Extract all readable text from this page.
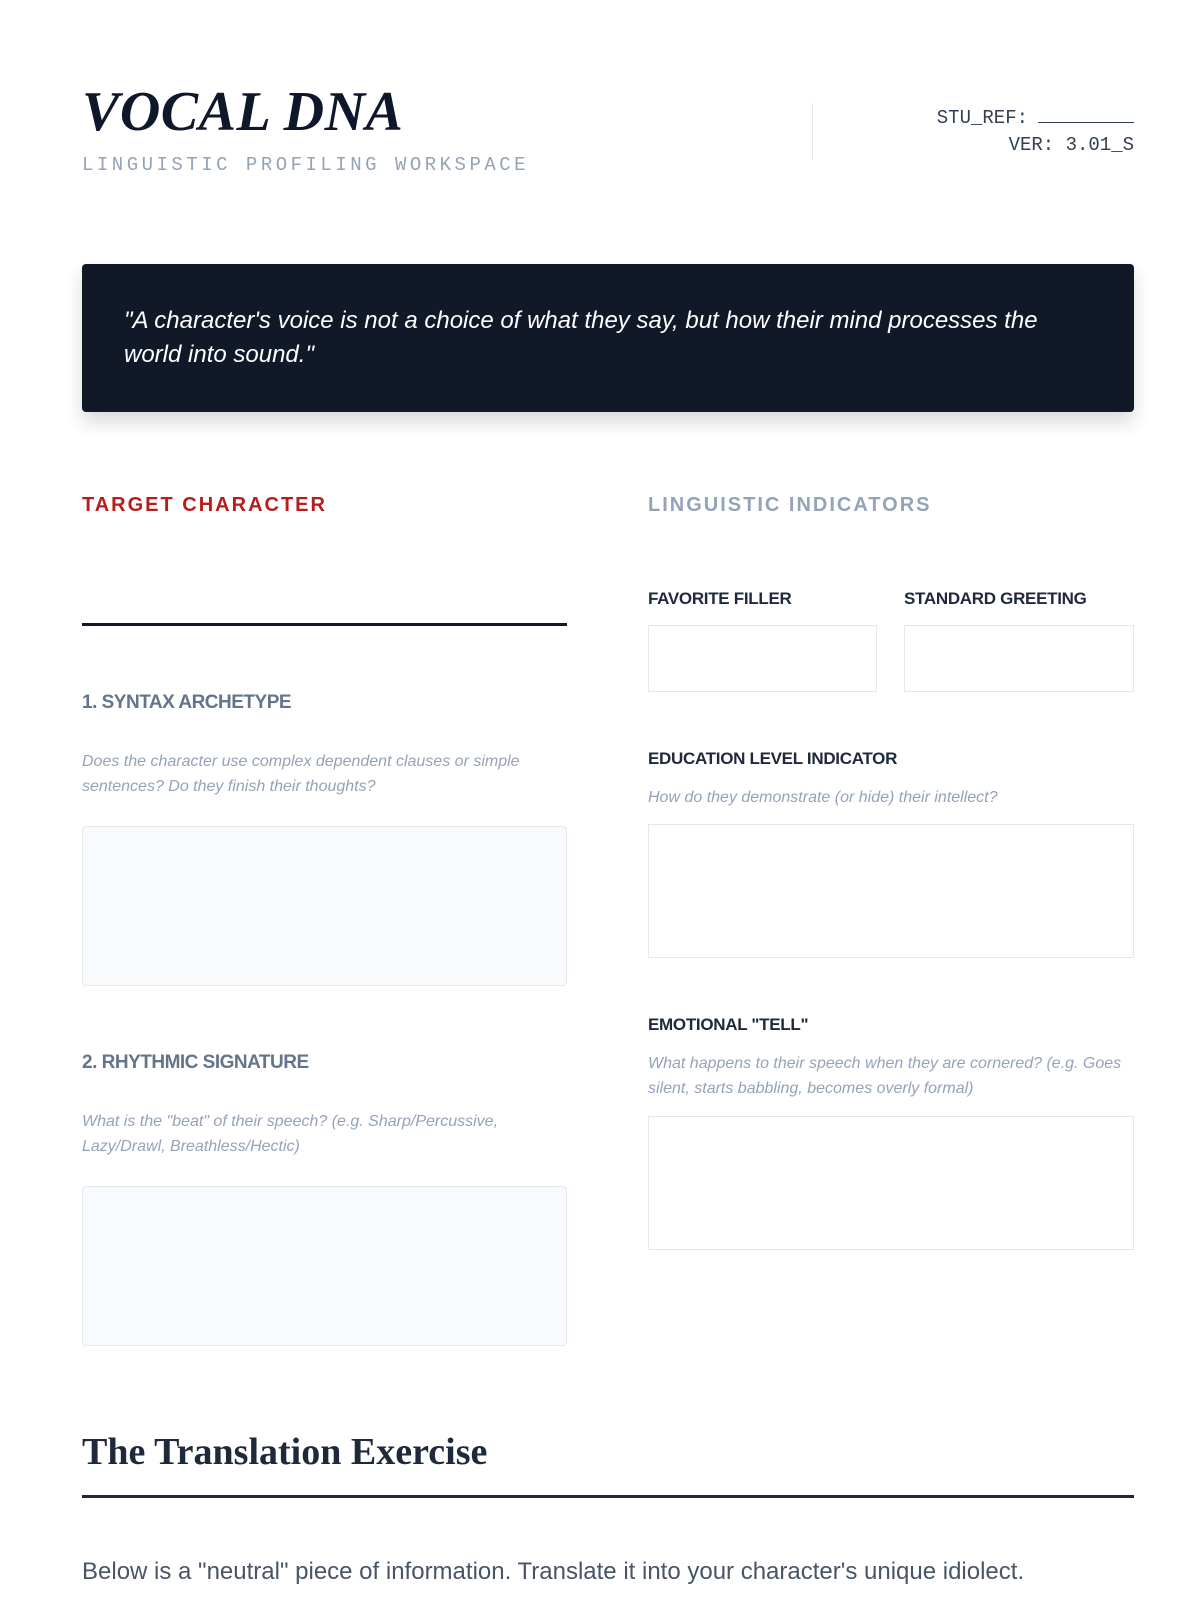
VOCAL DNA
LINGUISTIC PROFILING WORKSPACE
STU_REF:
VER: 3.01_S
"A character's voice is not a choice of what they say, but how their mind processes the world into sound."
TARGET CHARACTER
1. SYNTAX ARCHETYPE
Does the character use complex dependent clauses or simple sentences? Do they finish their thoughts?
2. RHYTHMIC SIGNATURE
What is the "beat" of their speech? (e.g. Sharp/Percussive, Lazy/Drawl, Breathless/Hectic)
LINGUISTIC INDICATORS
FAVORITE FILLER	STANDARD GREETING
EDUCATION LEVEL INDICATOR
How do they demonstrate (or hide) their intellect?
EMOTIONAL "TELL"
What happens to their speech when they are cornered? (e.g. Goes silent, starts babbling, becomes overly formal)
The Translation Exercise
Below is a "neutral" piece of information. Translate it into your character's unique idiolect.
